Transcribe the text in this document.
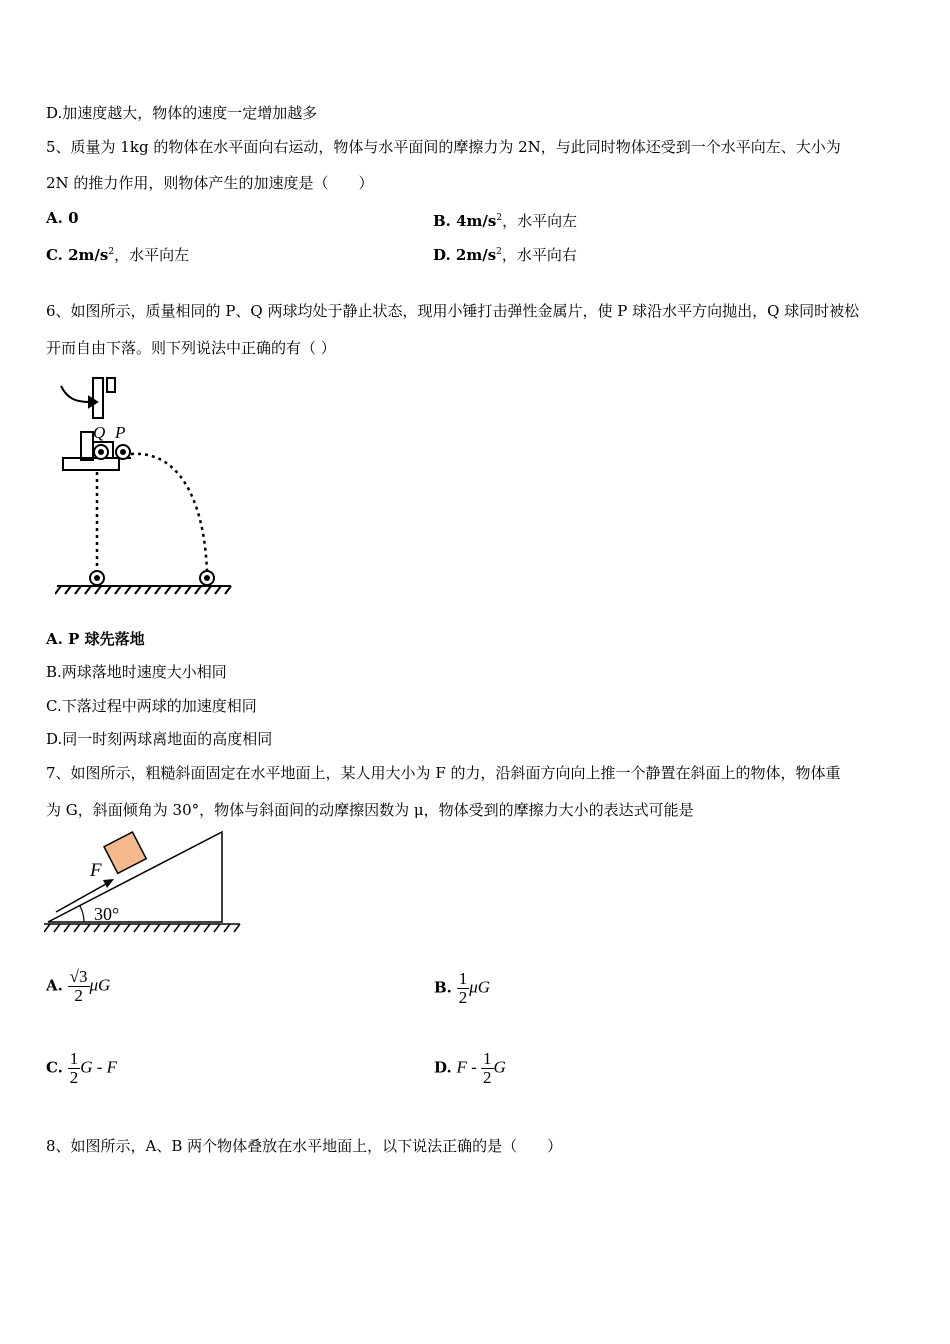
D.加速度越大，物体的速度一定增加越多
5、质量为 1kg 的物体在水平面向右运动，物体与水平面间的摩擦力为 2N，与此同时物体还受到一个水平向左、大小为
2N 的推力作用，则物体产生的加速度是（　　）
A. 0	B. $4m/s^2$，水平向左
C. $2m/s^2$，水平向左	D. $2m/s^2$，水平向右
6、如图所示，质量相同的 P、Q 两球均处于静止状态，现用小锤打击弹性金属片，使 P 球沿水平方向抛出，Q 球同时被松
开而自由下落。则下列说法中正确的有（ ）
Q P
A. P 球先落地
B.两球落地时速度大小相同
C.下落过程中两球的加速度相同
D.同一时刻两球离地面的高度相同
7、如图所示，粗糙斜面固定在水平地面上，某人用大小为 F 的力，沿斜面方向向上推一个静置在斜面上的物体，物体重
为 G，斜面倾角为 30°，物体与斜面间的动摩擦因数为 μ，物体受到的摩擦力大小的表达式可能是
F
30°
A. $\frac{√3}{2}$ μG	B. $\frac{1}{2}$ μG
C. $\frac{1}{2}$ G - F	D. F - $\frac{1}{2}$ G
8、如图所示，A、B 两个物体叠放在水平地面上，以下说法正确的是（　　）
